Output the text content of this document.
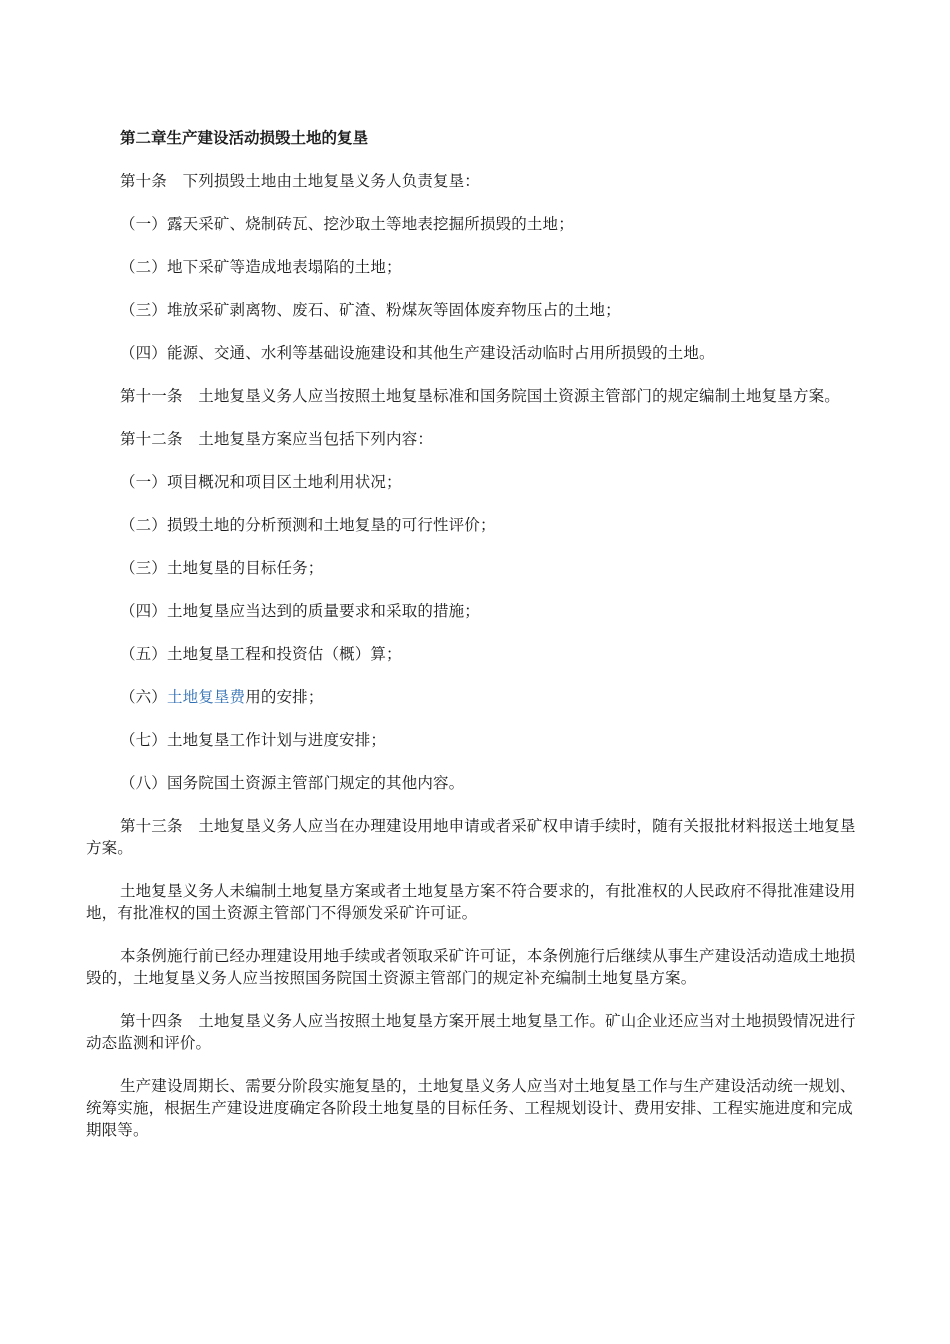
第二章生产建设活动损毁土地的复垦

第十条　下列损毁土地由土地复垦义务人负责复垦：

（一）露天采矿、烧制砖瓦、挖沙取土等地表挖掘所损毁的土地；

（二）地下采矿等造成地表塌陷的土地；

（三）堆放采矿剥离物、废石、矿渣、粉煤灰等固体废弃物压占的土地；

（四）能源、交通、水利等基础设施建设和其他生产建设活动临时占用所损毁的土地。

第十一条　土地复垦义务人应当按照土地复垦标准和国务院国土资源主管部门的规定编制土地复垦方案。

第十二条　土地复垦方案应当包括下列内容：

（一）项目概况和项目区土地利用状况；

（二）损毁土地的分析预测和土地复垦的可行性评价；

（三）土地复垦的目标任务；

（四）土地复垦应当达到的质量要求和采取的措施；

（五）土地复垦工程和投资估（概）算；

（六）土地复垦费用的安排；

（七）土地复垦工作计划与进度安排；

（八）国务院国土资源主管部门规定的其他内容。

第十三条　土地复垦义务人应当在办理建设用地申请或者采矿权申请手续时，随有关报批材料报送土地复垦方案。

土地复垦义务人未编制土地复垦方案或者土地复垦方案不符合要求的，有批准权的人民政府不得批准建设用地，有批准权的国土资源主管部门不得颁发采矿许可证。

本条例施行前已经办理建设用地手续或者领取采矿许可证，本条例施行后继续从事生产建设活动造成土地损毁的，土地复垦义务人应当按照国务院国土资源主管部门的规定补充编制土地复垦方案。

第十四条　土地复垦义务人应当按照土地复垦方案开展土地复垦工作。矿山企业还应当对土地损毁情况进行动态监测和评价。

生产建设周期长、需要分阶段实施复垦的，土地复垦义务人应当对土地复垦工作与生产建设活动统一规划、统筹实施，根据生产建设进度确定各阶段土地复垦的目标任务、工程规划设计、费用安排、工程实施进度和完成期限等。
